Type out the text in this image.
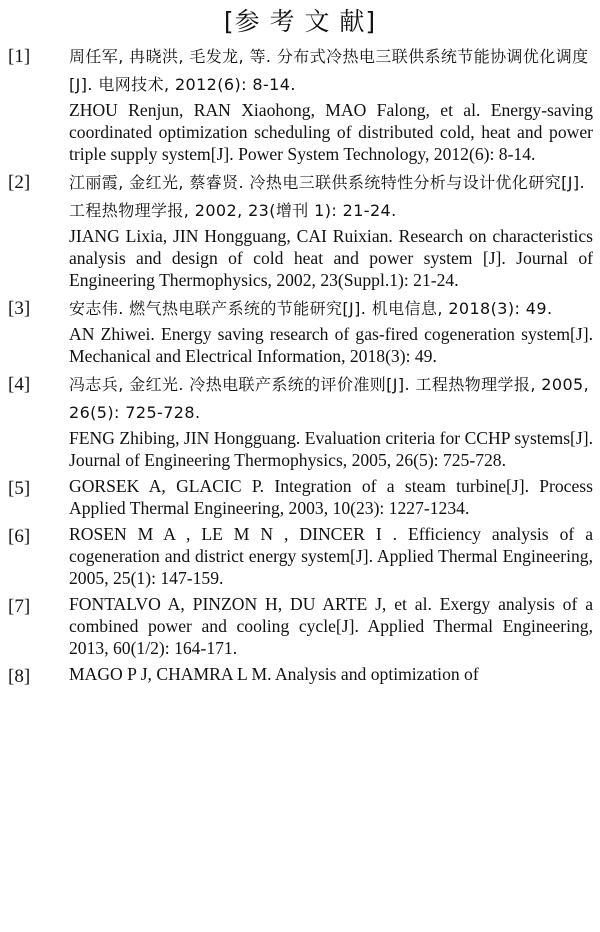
[参 考 文 献]
[1] 周任军, 冉晓洪, 毛发龙, 等. 分布式冷热电三联供系统节能协调优化调度[J]. 电网技术, 2012(6): 8-14.

ZHOU Renjun, RAN Xiaohong, MAO Falong, et al. Energy-saving coordinated optimization scheduling of distributed cold, heat and power triple supply system[J]. Power System Technology, 2012(6): 8-14.

[2] 江丽霞, 金红光, 蔡睿贤. 冷热电三联供系统特性分析与设计优化研究[J]. 工程热物理学报, 2002, 23(增刊 1): 21-24.

JIANG Lixia, JIN Hongguang, CAI Ruixian. Research on characteristics analysis and design of cold heat and power system [J]. Journal of Engineering Thermophysics, 2002, 23(Suppl.1): 21-24.

[3] 安志伟. 燃气热电联产系统的节能研究[J]. 机电信息, 2018(3): 49.

AN Zhiwei. Energy saving research of gas-fired cogeneration system[J]. Mechanical and Electrical Information, 2018(3): 49.

[4] 冯志兵, 金红光. 冷热电联产系统的评价准则[J]. 工程热物理学报, 2005, 26(5): 725-728.

FENG Zhibing, JIN Hongguang. Evaluation criteria for CCHP systems[J]. Journal of Engineering Thermophysics, 2005, 26(5): 725-728.

[5] GORSEK A, GLACIC P. Integration of a steam turbine[J]. Process Applied Thermal Engineering, 2003, 10(23): 1227-1234.

[6] ROSEN M A , LE M N , DINCER I . Efficiency analysis of a cogeneration and district energy system[J]. Applied Thermal Engineering, 2005, 25(1): 147-159.

[7] FONTALVO A, PINZON H, DU ARTE J, et al. Exergy analysis of a combined power and cooling cycle[J]. Applied Thermal Engineering, 2013, 60(1/2): 164-171.

[8] MAGO P J, CHAMRA L M. Analysis and optimization of
